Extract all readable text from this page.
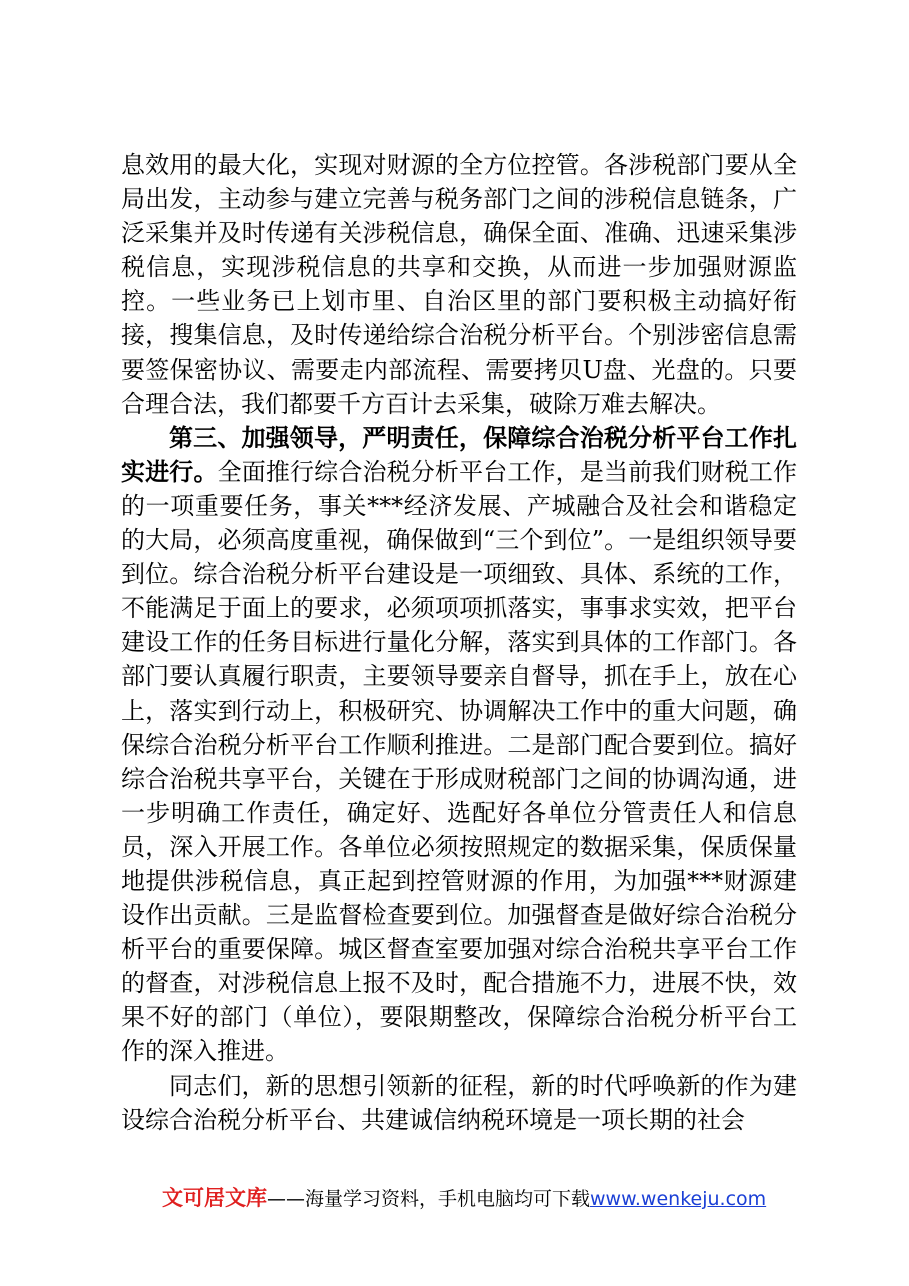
息效用的最大化，实现对财源的全方位控管。各涉税部门要从全局出发，主动参与建立完善与税务部门之间的涉税信息链条，广泛采集并及时传递有关涉税信息，确保全面、准确、迅速采集涉税信息，实现涉税信息的共享和交换，从而进一步加强财源监控。一些业务已上划市里、自治区里的部门要积极主动搞好衔接，搜集信息，及时传递给综合治税分析平台。个别涉密信息需要签保密协议、需要走内部流程、需要拷贝U盘、光盘的。只要合理合法，我们都要千方百计去采集，破除万难去解决。

第三、加强领导，严明责任，保障综合治税分析平台工作扎实进行。全面推行综合治税分析平台工作，是当前我们财税工作的一项重要任务，事关***经济发展、产城融合及社会和谐稳定的大局，必须高度重视，确保做到“三个到位”。一是组织领导要到位。综合治税分析平台建设是一项细致、具体、系统的工作，不能满足于面上的要求，必须项项抓落实，事事求实效，把平台建设工作的任务目标进行量化分解，落实到具体的工作部门。各部门要认真履行职责，主要领导要亲自督导，抓在手上，放在心上，落实到行动上，积极研究、协调解决工作中的重大问题，确保综合治税分析平台工作顺利推进。二是部门配合要到位。搞好综合治税共享平台，关键在于形成财税部门之间的协调沟通，进一步明确工作责任，确定好、选配好各单位分管责任人和信息员，深入开展工作。各单位必须按照规定的数据采集，保质保量地提供涉税信息，真正起到控管财源的作用，为加强***财源建设作出贡献。三是监督检查要到位。加强督查是做好综合治税分析平台的重要保障。城区督查室要加强对综合治税共享平台工作的督查，对涉税信息上报不及时，配合措施不力，进展不快，效果不好的部门（单位），要限期整改，保障综合治税分析平台工作的深入推进。

同志们，新的思想引领新的征程，新的时代呼唤新的作为建设综合治税分析平台、共建诚信纳税环境是一项长期的社会

文可居文库——海量学习资料，手机电脑均可下载www.wenkeju.com
